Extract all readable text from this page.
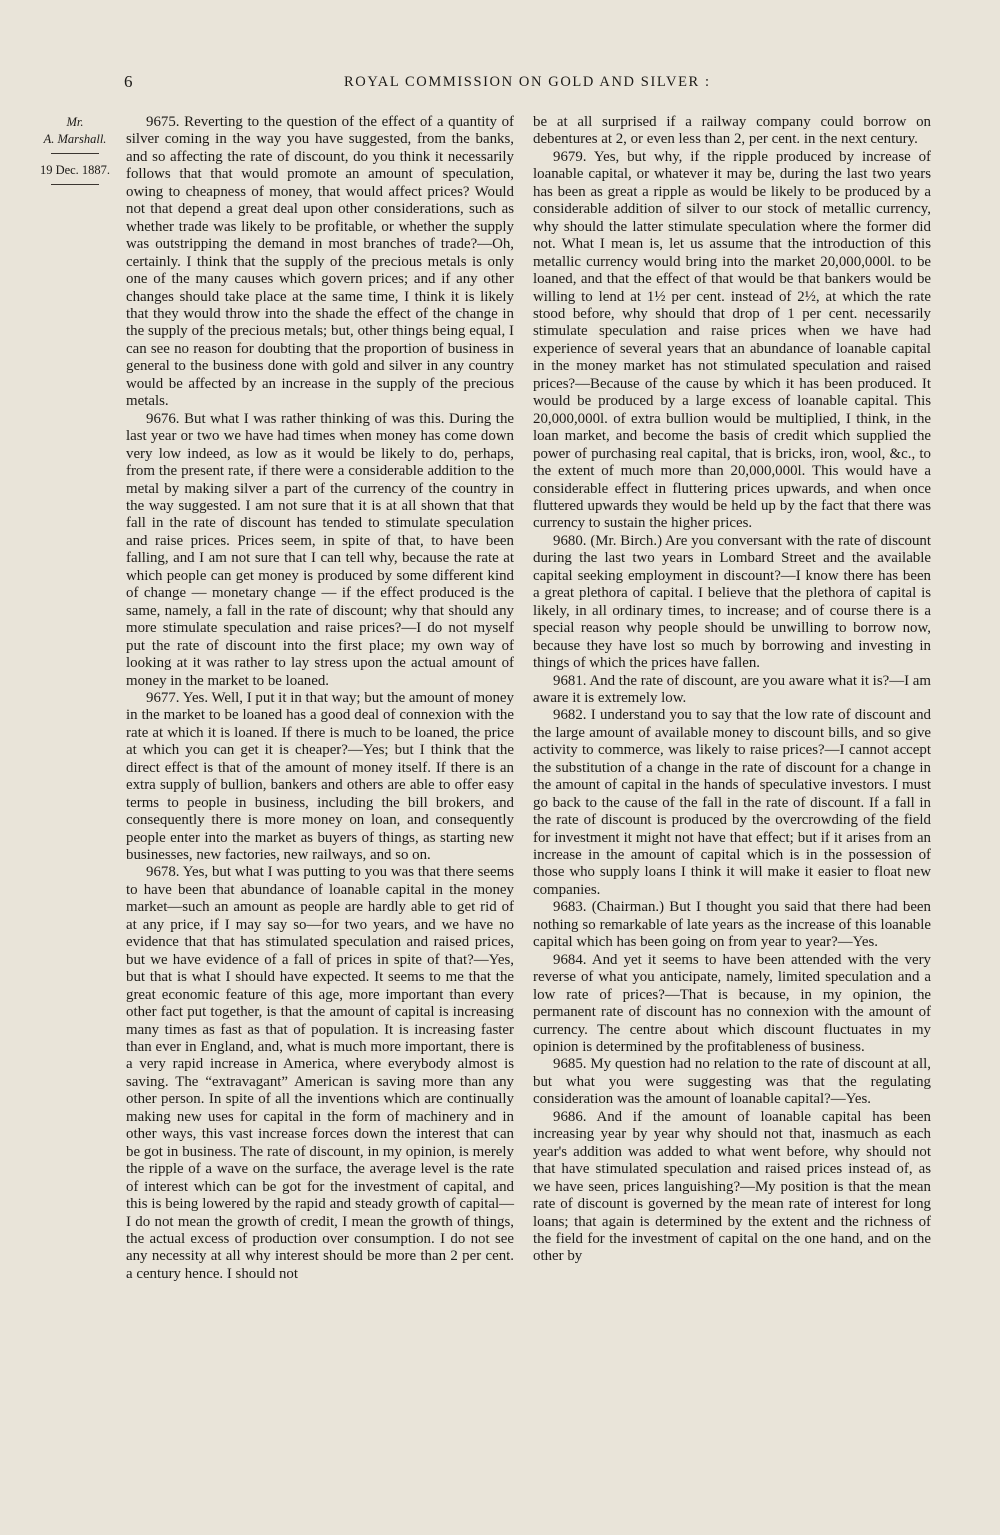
6	ROYAL COMMISSION ON GOLD AND SILVER :
Mr.
A. Marshall.
19 Dec. 1887.

9675. Reverting to the question of the effect of a quantity of silver coming in the way you have suggested, from the banks, and so affecting the rate of discount, do you think it necessarily follows that that would promote an amount of speculation, owing to cheapness of money, that would affect prices? Would not that depend a great deal upon other considerations, such as whether trade was likely to be profitable, or whether the supply was outstripping the demand in most branches of trade?—Oh, certainly. I think that the supply of the precious metals is only one of the many causes which govern prices; and if any other changes should take place at the same time, I think it is likely that they would throw into the shade the effect of the change in the supply of the precious metals; but, other things being equal, I can see no reason for doubting that the proportion of business in general to the business done with gold and silver in any country would be affected by an increase in the supply of the precious metals.

9676. But what I was rather thinking of was this. During the last year or two we have had times when money has come down very low indeed, as low as it would be likely to do, perhaps, from the present rate, if there were a considerable addition to the metal by making silver a part of the currency of the country in the way suggested. I am not sure that it is at all shown that that fall in the rate of discount has tended to stimulate speculation and raise prices. Prices seem, in spite of that, to have been falling, and I am not sure that I can tell why, because the rate at which people can get money is produced by some different kind of change — monetary change — if the effect produced is the same, namely, a fall in the rate of discount; why that should any more stimulate speculation and raise prices?—I do not myself put the rate of discount into the first place; my own way of looking at it was rather to lay stress upon the actual amount of money in the market to be loaned.

9677. Yes. Well, I put it in that way; but the amount of money in the market to be loaned has a good deal of connexion with the rate at which it is loaned. If there is much to be loaned, the price at which you can get it is cheaper?—Yes; but I think that the direct effect is that of the amount of money itself. If there is an extra supply of bullion, bankers and others are able to offer easy terms to people in business, including the bill brokers, and consequently there is more money on loan, and consequently people enter into the market as buyers of things, as starting new businesses, new factories, new railways, and so on.

9678. Yes, but what I was putting to you was that there seems to have been that abundance of loanable capital in the money market—such an amount as people are hardly able to get rid of at any price, if I may say so—for two years, and we have no evidence that that has stimulated speculation and raised prices, but we have evidence of a fall of prices in spite of that?—Yes, but that is what I should have expected. It seems to me that the great economic feature of this age, more important than every other fact put together, is that the amount of capital is increasing many times as fast as that of population. It is increasing faster than ever in England, and, what is much more important, there is a very rapid increase in America, where everybody almost is saving. The “extravagant” American is saving more than any other person. In spite of all the inventions which are continually making new uses for capital in the form of machinery and in other ways, this vast increase forces down the interest that can be got in business. The rate of discount, in my opinion, is merely the ripple of a wave on the surface, the average level is the rate of interest which can be got for the investment of capital, and this is being lowered by the rapid and steady growth of capital—I do not mean the growth of credit, I mean the growth of things, the actual excess of production over consumption. I do not see any necessity at all why interest should be more than 2 per cent. a century hence. I should not

be at all surprised if a railway company could borrow on debentures at 2, or even less than 2, per cent. in the next century.

9679. Yes, but why, if the ripple produced by increase of loanable capital, or whatever it may be, during the last two years has been as great a ripple as would be likely to be produced by a considerable addition of silver to our stock of metallic currency, why should the latter stimulate speculation where the former did not. What I mean is, let us assume that the introduction of this metallic currency would bring into the market 20,000,000l. to be loaned, and that the effect of that would be that bankers would be willing to lend at 1½ per cent. instead of 2½, at which the rate stood before, why should that drop of 1 per cent. necessarily stimulate speculation and raise prices when we have had experience of several years that an abundance of loanable capital in the money market has not stimulated speculation and raised prices?—Because of the cause by which it has been produced. It would be produced by a large excess of loanable capital. This 20,000,000l. of extra bullion would be multiplied, I think, in the loan market, and become the basis of credit which supplied the power of purchasing real capital, that is bricks, iron, wool, &c., to the extent of much more than 20,000,000l. This would have a considerable effect in fluttering prices upwards, and when once fluttered upwards they would be held up by the fact that there was currency to sustain the higher prices.

9680. (Mr. Birch.) Are you conversant with the rate of discount during the last two years in Lombard Street and the available capital seeking employment in discount?—I know there has been a great plethora of capital. I believe that the plethora of capital is likely, in all ordinary times, to increase; and of course there is a special reason why people should be unwilling to borrow now, because they have lost so much by borrowing and investing in things of which the prices have fallen.

9681. And the rate of discount, are you aware what it is?—I am aware it is extremely low.

9682. I understand you to say that the low rate of discount and the large amount of available money to discount bills, and so give activity to commerce, was likely to raise prices?—I cannot accept the substitution of a change in the rate of discount for a change in the amount of capital in the hands of speculative investors. I must go back to the cause of the fall in the rate of discount. If a fall in the rate of discount is produced by the overcrowding of the field for investment it might not have that effect; but if it arises from an increase in the amount of capital which is in the possession of those who supply loans I think it will make it easier to float new companies.

9683. (Chairman.) But I thought you said that there had been nothing so remarkable of late years as the increase of this loanable capital which has been going on from year to year?—Yes.

9684. And yet it seems to have been attended with the very reverse of what you anticipate, namely, limited speculation and a low rate of prices?—That is because, in my opinion, the permanent rate of discount has no connexion with the amount of currency. The centre about which discount fluctuates in my opinion is determined by the profitableness of business.

9685. My question had no relation to the rate of discount at all, but what you were suggesting was that the regulating consideration was the amount of loanable capital?—Yes.

9686. And if the amount of loanable capital has been increasing year by year why should not that, inasmuch as each year's addition was added to what went before, why should not that have stimulated speculation and raised prices instead of, as we have seen, prices languishing?—My position is that the mean rate of discount is governed by the mean rate of interest for long loans; that again is determined by the extent and the richness of the field for the investment of capital on the one hand, and on the other by
